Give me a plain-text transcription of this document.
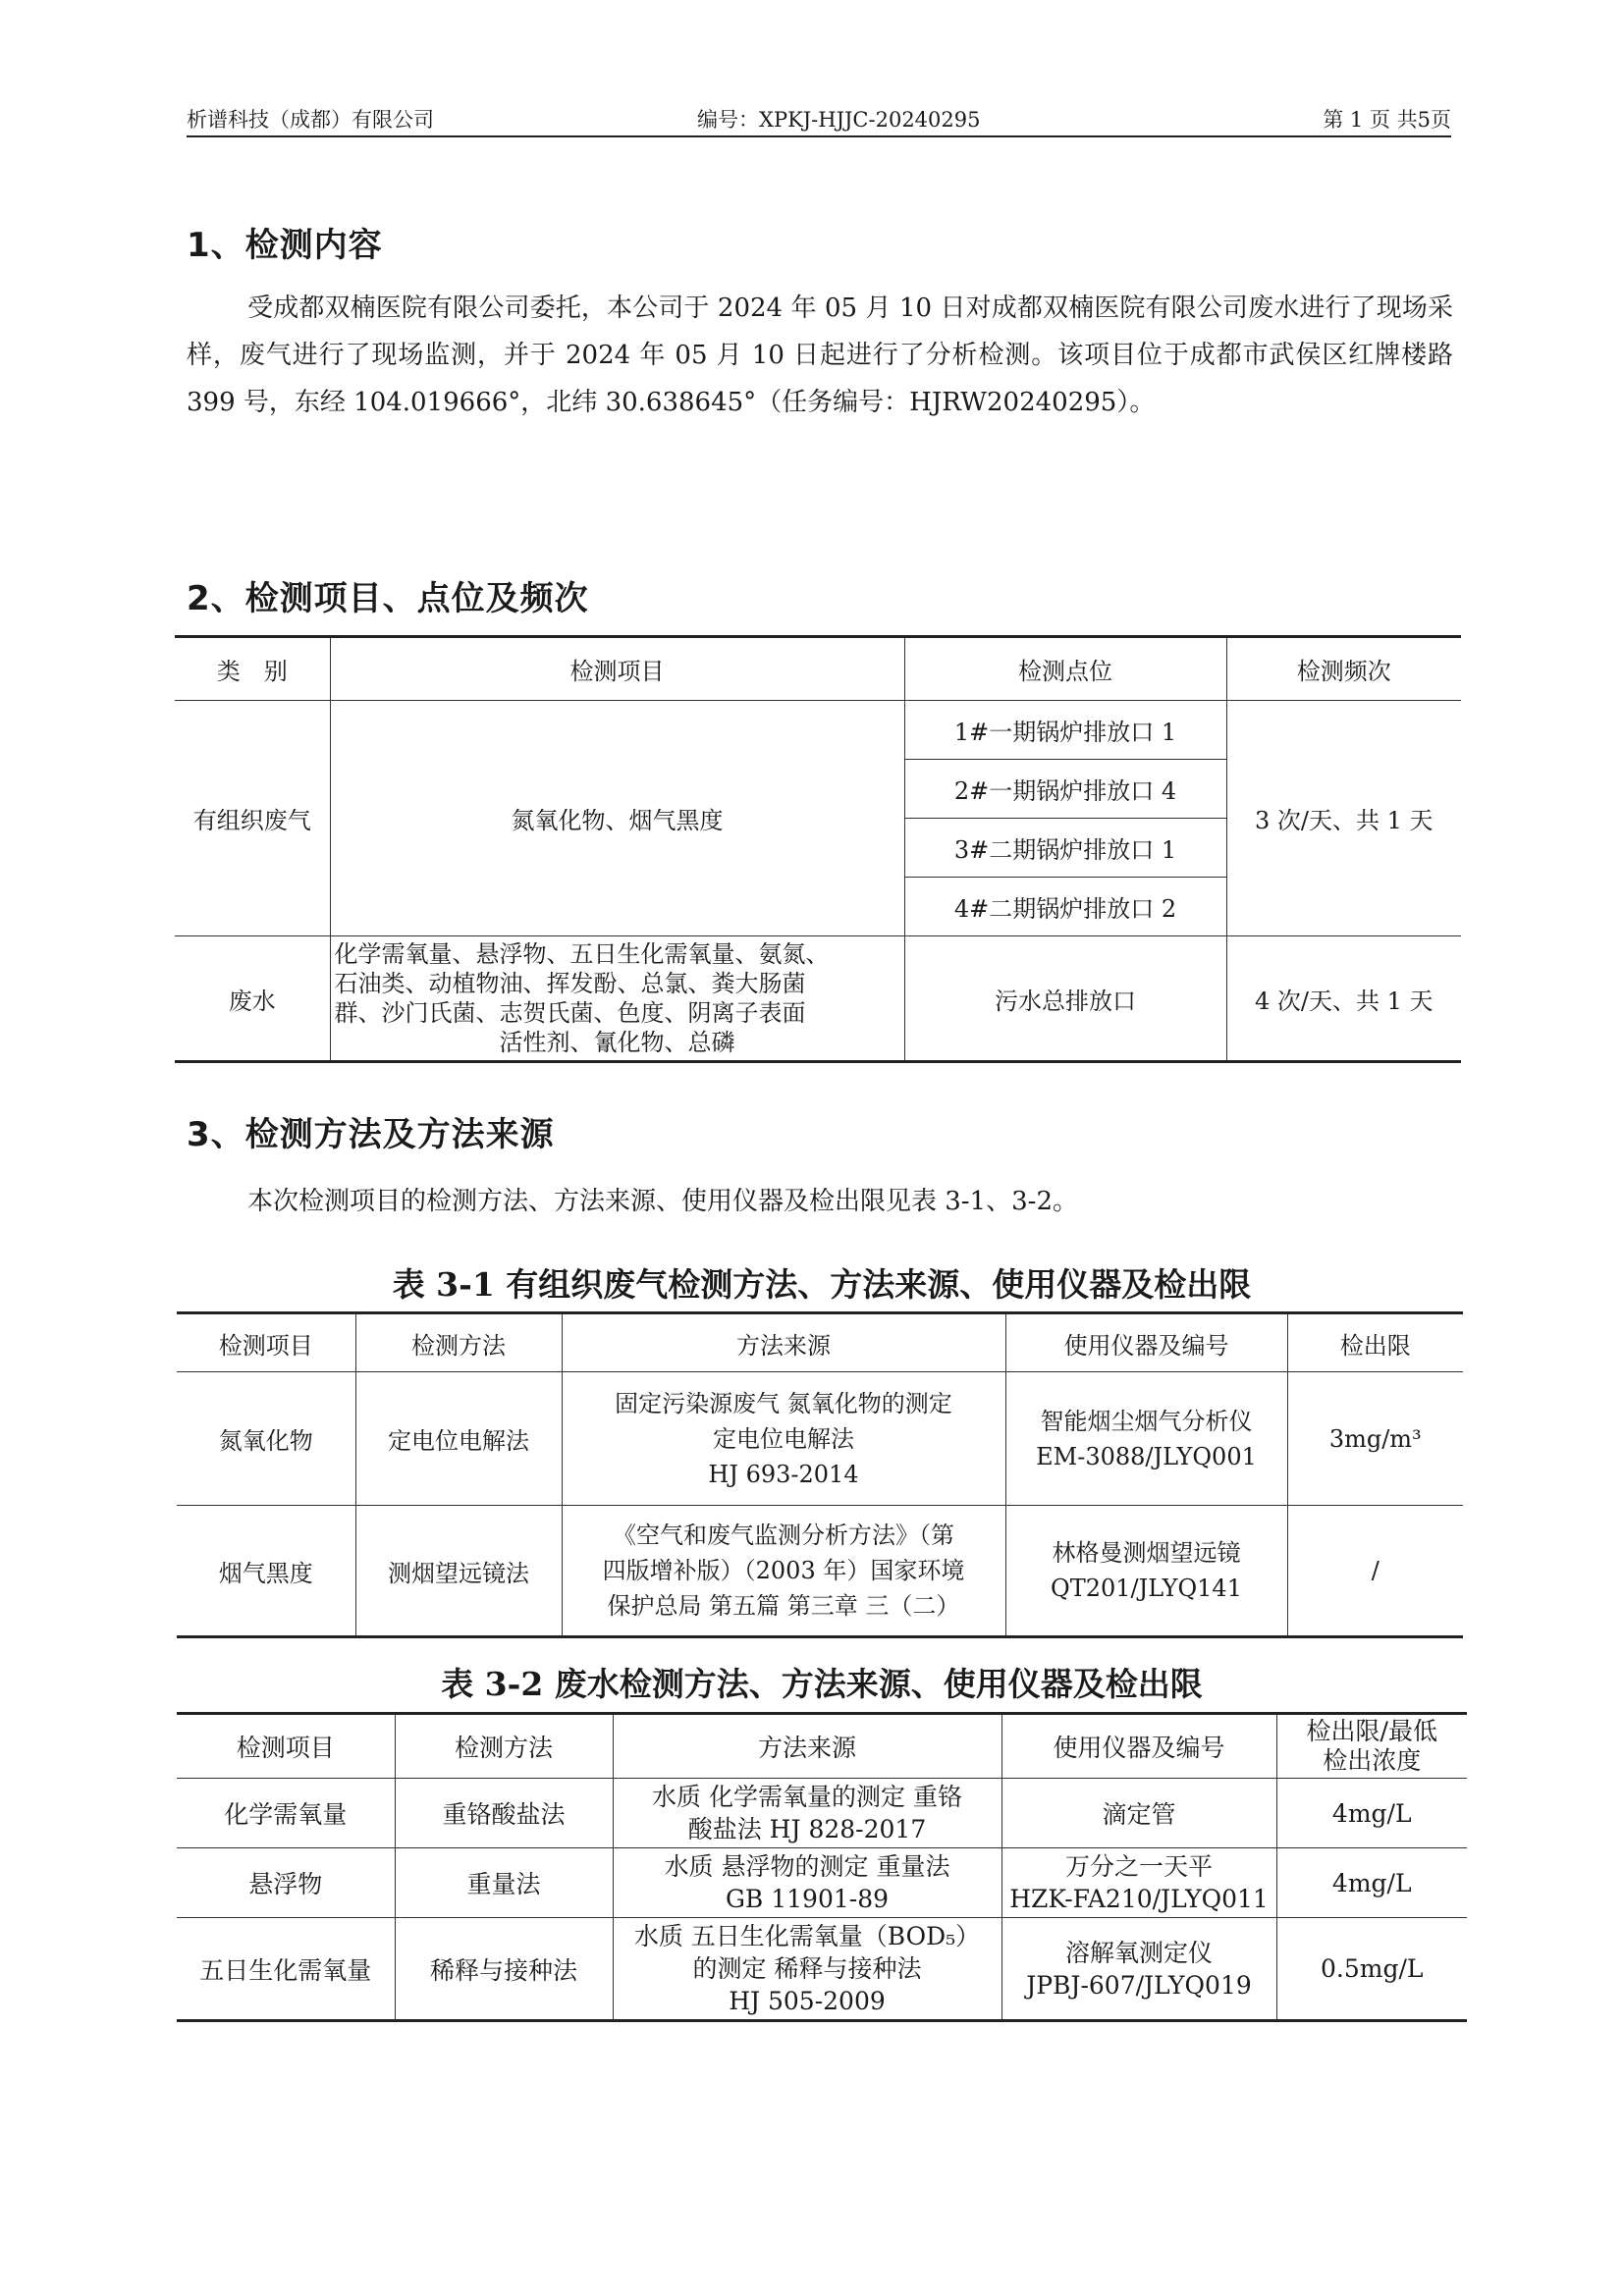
析谱科技（成都）有限公司	编号：XPKJ-HJJC-20240295	第 1 页 共5页
1、检测内容

受成都双楠医院有限公司委托，本公司于 2024 年 05 月 10 日对成都双楠医院有限公司废水进行了现场采样，废气进行了现场监测，并于 2024 年 05 月 10 日起进行了分析检测。该项目位于成都市武侯区红牌楼路 399 号，东经 104.019666°，北纬 30.638645°（任务编号：HJRW20240295）。

2、检测项目、点位及频次
类　别	检测项目	检测点位	检测频次
有组织废气	氮氧化物、烟气黑度	1#一期锅炉排放口 1	3 次/天、共 1 天
		2#一期锅炉排放口 4	
		3#二期锅炉排放口 1	
		4#二期锅炉排放口 2	
废水	化学需氧量、悬浮物、五日生化需氧量、氨氮、
石油类、动植物油、挥发酚、总氯、粪大肠菌
群、沙门氏菌、志贺氏菌、色度、阴离子表面

活性剂、氰化物、总磷	污水总排放口	4 次/天、共 1 天
3、检测方法及方法来源

本次检测项目的检测方法、方法来源、使用仪器及检出限见表 3-1、3-2。

表 3-1 有组织废气检测方法、方法来源、使用仪器及检出限
检测项目	检测方法	方法来源	使用仪器及编号	检出限
氮氧化物	定电位电解法	固定污染源废气 氮氧化物的测定
定电位电解法
HJ 693-2014	智能烟尘烟气分析仪
EM-3088/JLYQ001	3mg/m³
烟气黑度	测烟望远镜法	《空气和废气监测分析方法》（第
四版增补版）（2003 年）国家环境
保护总局 第五篇 第三章 三（二）	林格曼测烟望远镜
QT201/JLYQ141	/
表 3-2 废水检测方法、方法来源、使用仪器及检出限
检测项目	检测方法	方法来源	使用仪器及编号	检出限/最低
检出浓度
化学需氧量	重铬酸盐法	水质 化学需氧量的测定 重铬
酸盐法 HJ 828-2017	滴定管	4mg/L
悬浮物	重量法	水质 悬浮物的测定 重量法
GB 11901-89	万分之一天平
HZK-FA210/JLYQ011	4mg/L
五日生化需氧量	稀释与接种法	水质 五日生化需氧量（BOD₅）
的测定 稀释与接种法
HJ 505-2009	溶解氧测定仪
JPBJ-607/JLYQ019	0.5mg/L
